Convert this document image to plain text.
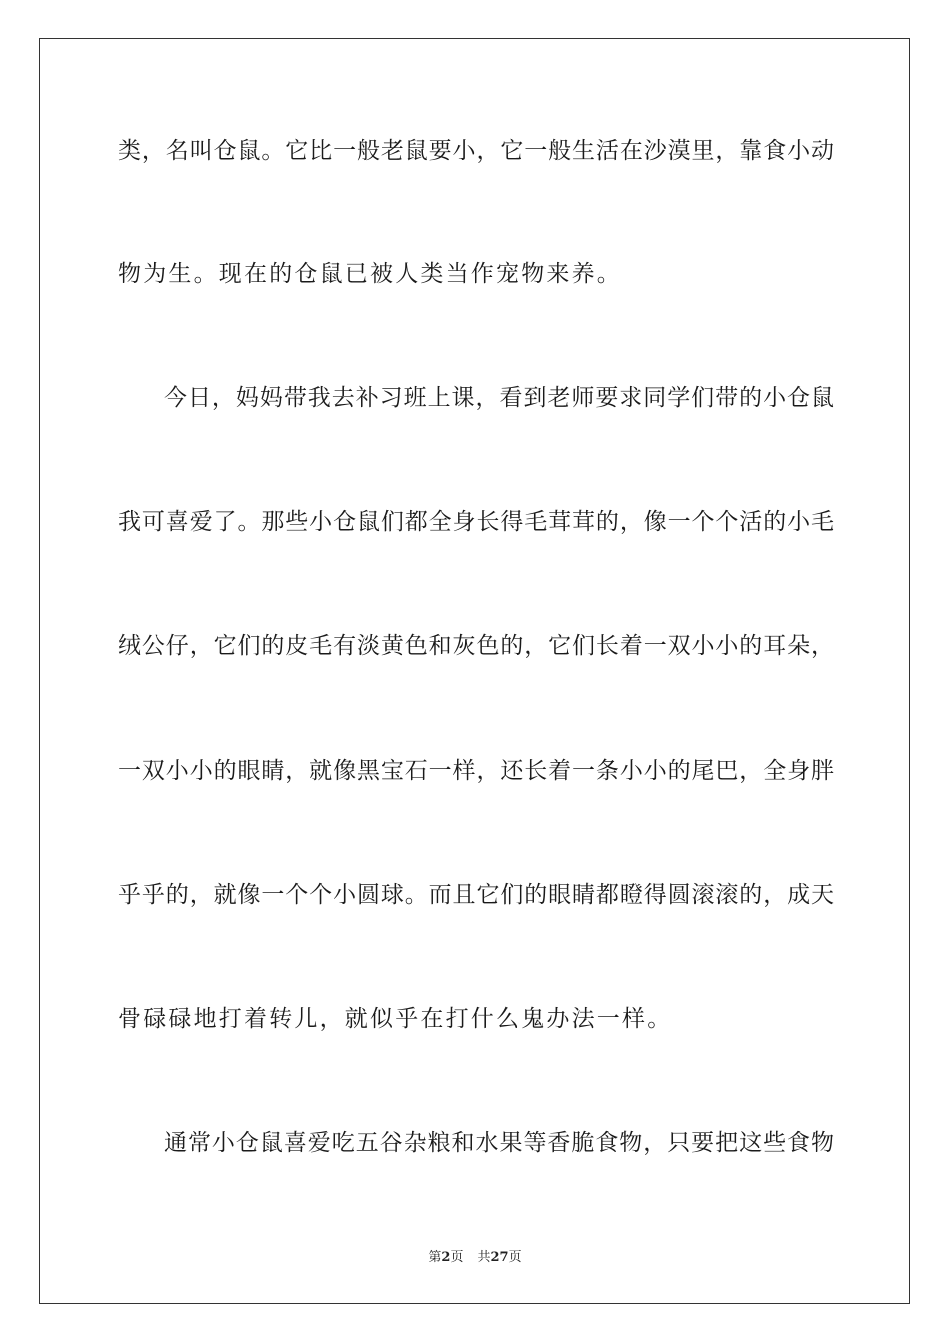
类，名叫仓鼠。它比一般老鼠要小，它一般生活在沙漠里，靠食小动
物为生。现在的仓鼠已被人类当作宠物来养。
今日，妈妈带我去补习班上课，看到老师要求同学们带的小仓鼠
我可喜爱了。那些小仓鼠们都全身长得毛茸茸的，像一个个活的小毛
绒公仔，它们的皮毛有淡黄色和灰色的，它们长着一双小小的耳朵，
一双小小的眼睛，就像黑宝石一样，还长着一条小小的尾巴，全身胖
乎乎的，就像一个个小圆球。而且它们的眼睛都瞪得圆滚滚的，成天
骨碌碌地打着转儿，就似乎在打什么鬼办法一样。
通常小仓鼠喜爱吃五谷杂粮和水果等香脆食物，只要把这些食物
第2页 共27页
